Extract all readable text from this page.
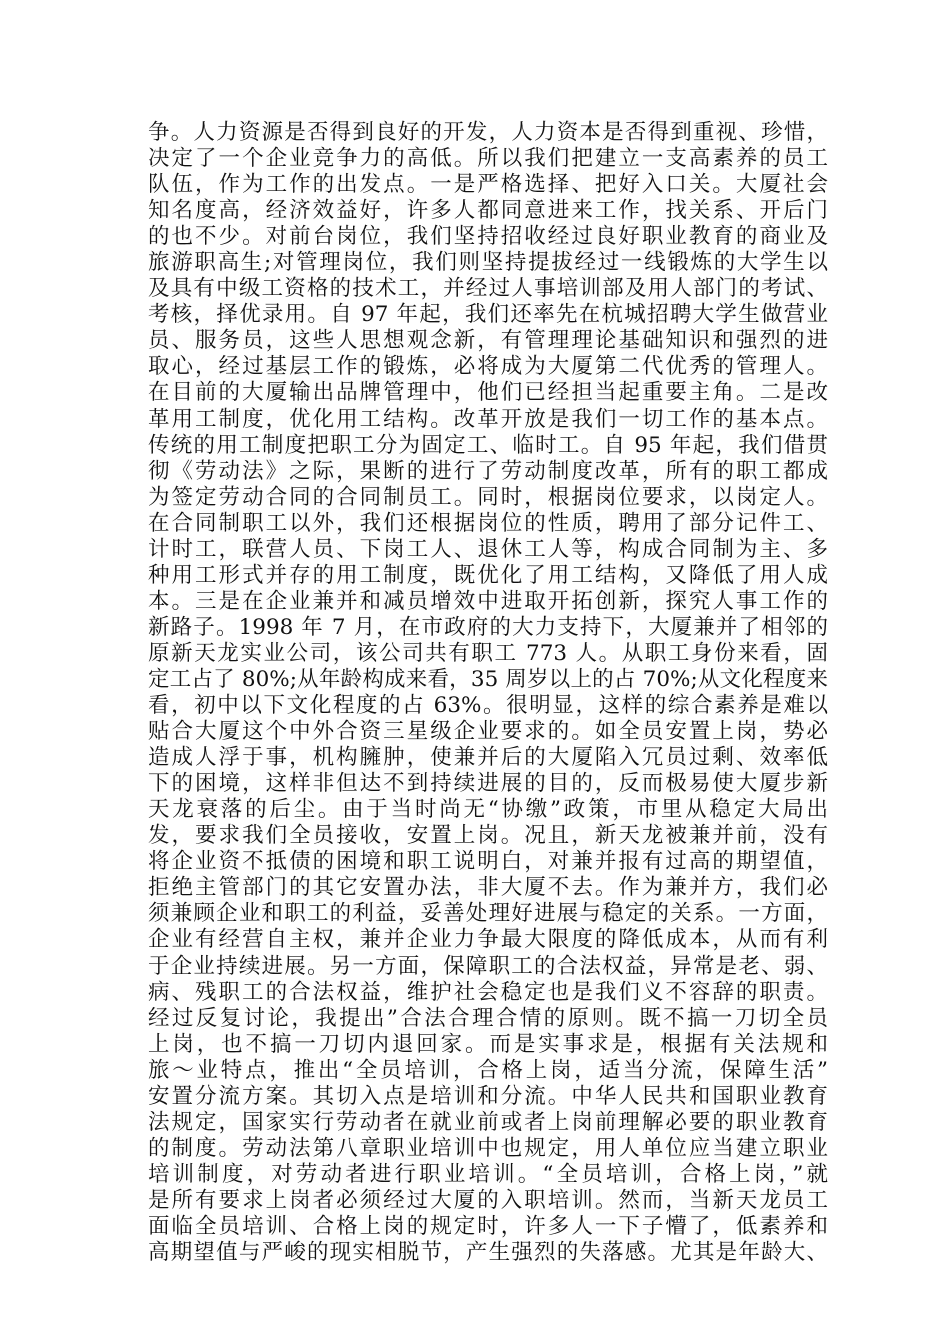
争。人力资源是否得到良好的开发，人力资本是否得到重视、珍惜，
决定了一个企业竞争力的高低。所以我们把建立一支高素养的员工
队伍，作为工作的出发点。一是严格选择、把好入口关。大厦社会
知名度高，经济效益好，许多人都同意进来工作，找关系、开后门
的也不少。对前台岗位，我们坚持招收经过良好职业教育的商业及
旅游职高生;对管理岗位，我们则坚持提拔经过一线锻炼的大学生以
及具有中级工资格的技术工，并经过人事培训部及用人部门的考试、
考核，择优录用。自 97 年起，我们还率先在杭城招聘大学生做营业
员、服务员，这些人思想观念新，有管理理论基础知识和强烈的进
取心，经过基层工作的锻炼，必将成为大厦第二代优秀的管理人。
在目前的大厦输出品牌管理中，他们已经担当起重要主角。二是改
革用工制度，优化用工结构。改革开放是我们一切工作的基本点。
传统的用工制度把职工分为固定工、临时工。自 95 年起，我们借贯
彻《劳动法》之际，果断的进行了劳动制度改革，所有的职工都成
为签定劳动合同的合同制员工。同时，根据岗位要求，以岗定人。
在合同制职工以外，我们还根据岗位的性质，聘用了部分记件工、
计时工，联营人员、下岗工人、退休工人等，构成合同制为主、多
种用工形式并存的用工制度，既优化了用工结构，又降低了用人成
本。三是在企业兼并和减员增效中进取开拓创新，探究人事工作的
新路子。1998 年 7 月，在市政府的大力支持下，大厦兼并了相邻的
原新天龙实业公司，该公司共有职工 773 人。从职工身份来看，固
定工占了 80%;从年龄构成来看，35 周岁以上的占 70%;从文化程度来
看，初中以下文化程度的占 63%。很明显，这样的综合素养是难以
贴合大厦这个中外合资三星级企业要求的。如全员安置上岗，势必
造成人浮于事，机构臃肿，使兼并后的大厦陷入冗员过剩、效率低
下的困境，这样非但达不到持续进展的目的，反而极易使大厦步新
天龙衰落的后尘。由于当时尚无“协缴”政策，市里从稳定大局出
发，要求我们全员接收，安置上岗。况且，新天龙被兼并前，没有
将企业资不抵债的困境和职工说明白，对兼并报有过高的期望值，
拒绝主管部门的其它安置办法，非大厦不去。作为兼并方，我们必
须兼顾企业和职工的利益，妥善处理好进展与稳定的关系。一方面，
企业有经营自主权，兼并企业力争最大限度的降低成本，从而有利
于企业持续进展。另一方面，保障职工的合法权益，异常是老、弱、
病、残职工的合法权益，维护社会稳定也是我们义不容辞的职责。
经过反复讨论，我提出”合法合理合情的原则。既不搞一刀切全员
上岗，也不搞一刀切内退回家。而是实事求是，根据有关法规和
旅～业特点，推出“全员培训，合格上岗，适当分流，保障生活”
安置分流方案。其切入点是培训和分流。中华人民共和国职业教育
法规定，国家实行劳动者在就业前或者上岗前理解必要的职业教育
的制度。劳动法第八章职业培训中也规定，用人单位应当建立职业
培训制度，对劳动者进行职业培训。“全员培训，合格上岗，”就
是所有要求上岗者必须经过大厦的入职培训。然而，当新天龙员工
面临全员培训、合格上岗的规定时，许多人一下子懵了，低素养和
高期望值与严峻的现实相脱节，产生强烈的失落感。尤其是年龄大、
